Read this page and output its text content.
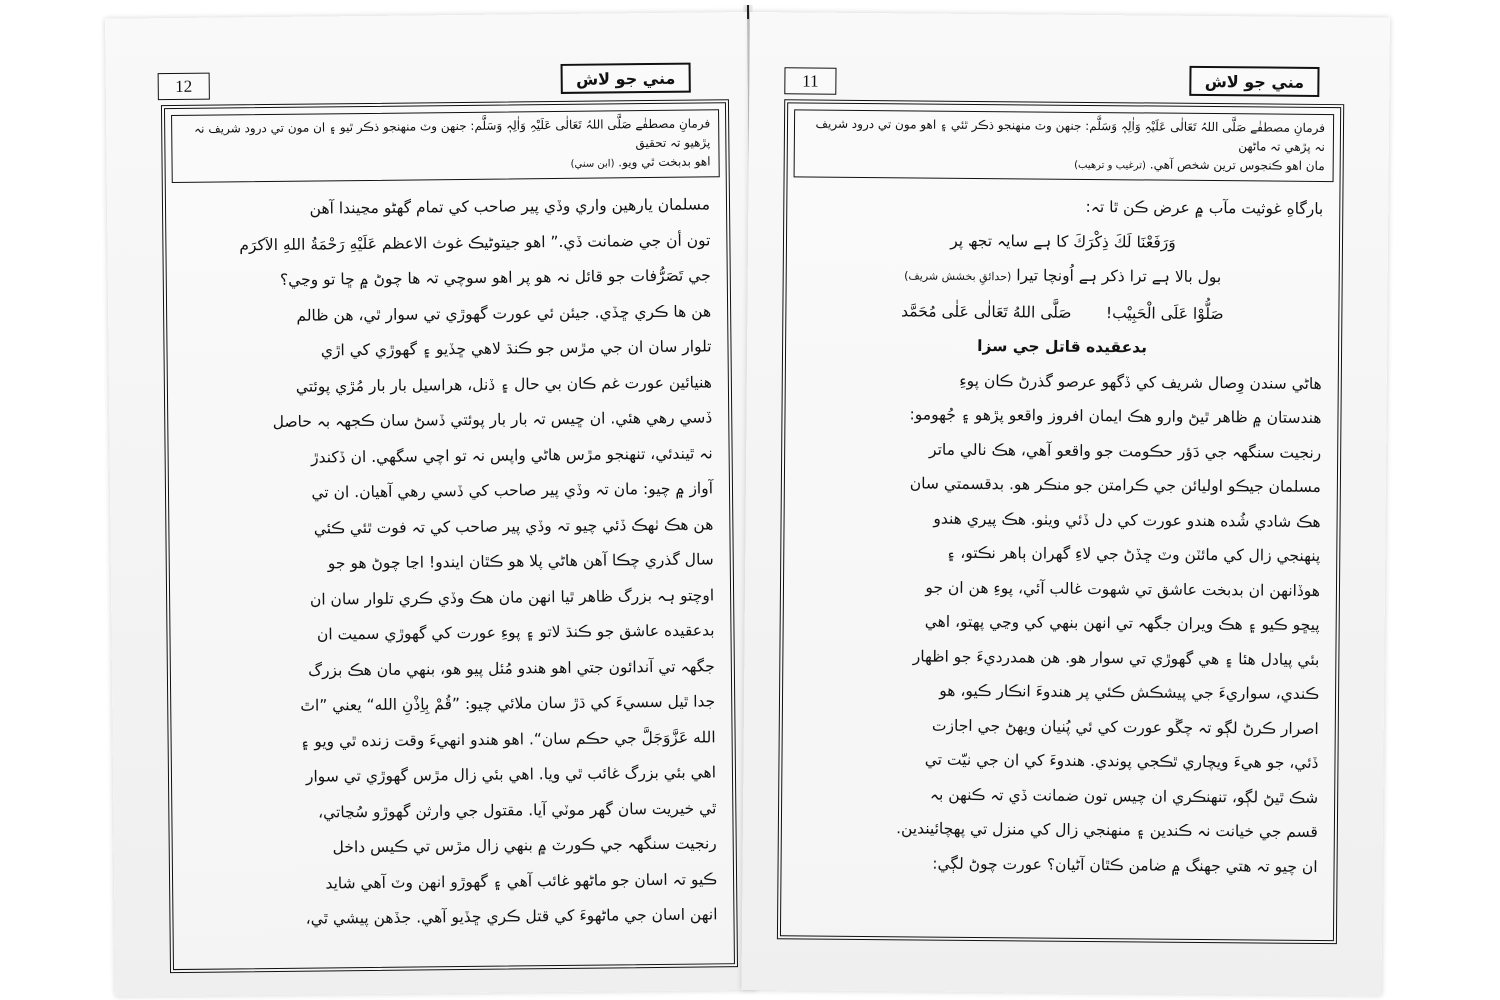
12	مني جو لاش
فرمانِ مصطفٰے صَلَّی اللہُ تَعَالٰی عَلَیْہِ وَاٰلِہٖ وَسَلَّم: جنهن وٽ منهنجو ذڪر ٿيو ۽ ان مون تي درود شريف نہ پڙهيو تہ تحقيق
اهو بدبخت ٿي ويو. (ابن سني)

مسلمان يارهين واري وڏي پير صاحب کي تمام گهڻو مڃيندا آهن

تون أن جي ضمانت ڏي.” اهو جيتوڻيڪ غوث الاعظم عَلَيْهِ رَحْمَةُ اللهِ الاَكرَم

جي تَصَرُّفات جو قائل نہ هو پر اهو سوچي تہ ها چوڻ ۾ ڇا تو وڃي؟

هن ها ڪري ڇڏي. جيئن ئي عورت گهوڙي تي سوار ٿي، هن ظالم

تلوار سان ان جي مڙس جو ڪنڌ لاهي ڇڏيو ۽ گهوڙي کي اڙي

هنيائين عورت غم ڪان بي حال ۽ ڏنل، هراسيل بار بار مُڙي پوئتي

ڏسي رهي هئي. ان ڇيس تہ بار بار پوئتي ڏسڻ سان ڪجهہ بہ حاصل

نہ ٿيندئي، تنهنجو مڙس هاڻي واپس نہ تو اچي سگهي. ان ڏکندڙ

آواز ۾ چيو: مان تہ وڏي پير صاحب کي ڏسي رهي آهيان. ان تي

هن هڪ ٺهڪ ڏئي چيو تہ وڏي پير صاحب کي تہ فوت ٿئي ڪئي

سال گذري چڪا آهن هاڻي پلا هو ڪٿان ايندو! اڃا چوڻ هو جو

اوچتو ہہ بزرگ ظاهر ٿيا انهن مان هڪ وڏي ڪري تلوار سان ان

بدعقيده عاشق جو ڪنڌ لاتو ۽ پوءِ عورت کي گهوڙي سميت ان

جگهہ تي آندائون جتي اهو هندو مُئل پيو هو، بنهي مان هڪ بزرگ

جدا ٿيل سسيءَ کي ڌڙ سان ملائي چيو: ”قُمْ بِاِذْنِ الله“ يعني ”اٿ

الله عَزَّوَجَلَّ جي حڪم سان“. اهو هندو انهيءَ وقت زنده ٿي ويو ۽

اهي بئي بزرگ غائب ٿي ويا. اهي بئي زال مڙس گهوڙي تي سوار

ٿي خيريت سان گهر موٽي آيا. مقتول جي وارثن گهوڙو سُڃاتي،

رنجيت سنگهہ جي ڪورٽ ۾ بنهي زال مڙس تي ڪيس داخل

ڪيو تہ اسان جو ماڻهو غائب آهي ۽ گهوڙو انهن وٽ آهي شايد

انهن اسان جي ماڻهوءَ کي قتل ڪري ڇڏيو آهي. جڏهن پيشي ٿي،

11	مني جو لاش
فرمانِ مصطفٰے صَلَّی اللہُ تَعَالٰی عَلَیْہِ وَاٰلِہٖ وَسَلَّم: جنهن وٽ منهنجو ذڪر ٿئي ۽ اهو مون تي درود شريف نہ پڙهي تہ ماڻهن
مان اهو ڪنجوس ترين شخص آهي. (ترغيب و ترهيب)

بارگاهِ غوثيت مآب ۾ عرض ڪن ٿا تہ:

وَرَفَعْنَا لَكَ ذِكْرَكَ کا ہے سایہ تجھ پر

بول بالا ہے ترا ذکر ہے اُونچا تیرا (حدائقِ بخشش شریف)

صَلُّوْا عَلَى الْحَبِيْب!       صَلَّى اللهُ تَعَالٰى عَلٰى مُحَمَّد

بدعقيده قاتل جي سزا

هاڻي سندن وِصال شريف کي ڏگهو عرصو گذرڻ ڪان پوءِ

هندستان ۾ ظاهر ٿيڻ وارو هڪ ايمان افروز واقعو پڙهو ۽ جُهومو:

رنجيت سنگهہ جي دَؤر حڪومت جو واقعو آهي، هڪ نالي ماتر

مسلمان جيڪو اوليائن جي ڪرامتن جو منڪر هو. بدقسمتي سان

هڪ شادي شُده هندو عورت کي دل ڏئي ويٺو. هڪ پيري هندو

پنهنجي زال کي مائٽن وٽ ڇڏڻ جي لاءِ گهران ٻاهر نڪتو، ۽

هوڏانهن ان بدبخت عاشق تي شهوت غالب آئي، پوءِ هن ان جو

پيڇو ڪيو ۽ هڪ ويران جگهہ تي انهن بنهي کي وڃي پهتو، اهي

بئي پيادل هئا ۽ هي گهوڙي تي سوار هو. هن همدرديءَ جو اظهار

ڪندي، سواريءَ جي پيشڪش ڪئي پر هندوءَ انڪار ڪيو، هو

اصرار ڪرڻ لڳو تہ چڱو عورت کي ئي پُنيان ويهڻ جي اجازت

ڏئي، جو هيءَ ويچاري ٿڪجي پوندي. هندوءَ کي ان جي نيّت تي

شڪ ٿيڻ لڳو، تنهنڪري ان چيس تون ضمانت ڏي تہ ڪنهن بہ

قسم جي خيانت نہ ڪندين ۽ منهنجي زال کي منزل تي پهچائيندين.

ان چيو تہ هتي جهنگ ۾ ضامن ڪٿان آڻيان؟ عورت چوڻ لڳي:
